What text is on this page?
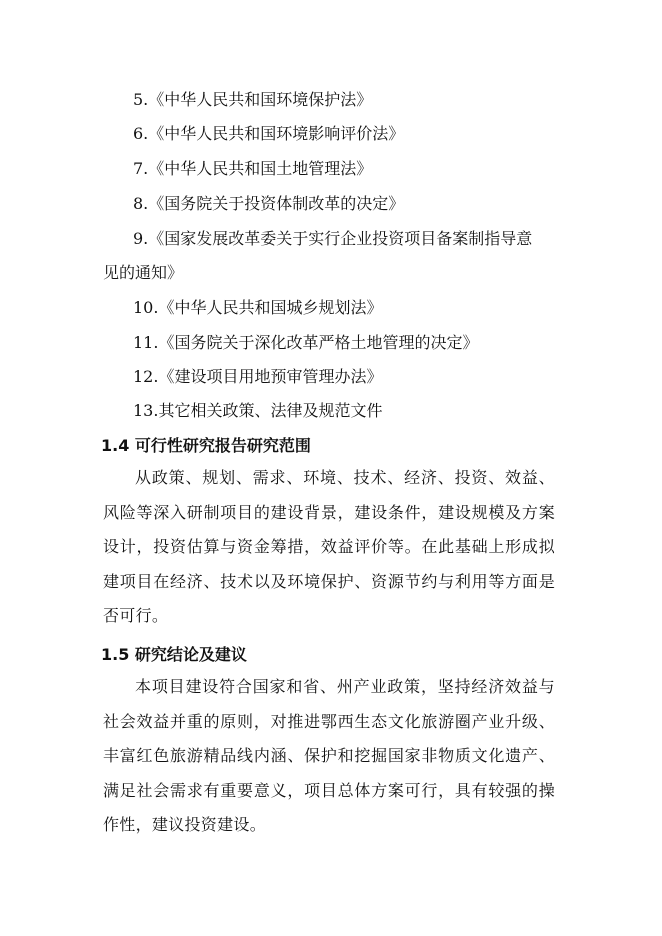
5.《中华人民共和国环境保护法》
6.《中华人民共和国环境影响评价法》
7.《中华人民共和国土地管理法》
8.《国务院关于投资体制改革的决定》
9.《国家发展改革委关于实行企业投资项目备案制指导意
见的通知》
10.《中华人民共和国城乡规划法》
11.《国务院关于深化改革严格土地管理的决定》
12.《建设项目用地预审管理办法》
13.其它相关政策、法律及规范文件
1.4 可行性研究报告研究范围
从政策、规划、需求、环境、技术、经济、投资、效益、风险等深入研制项目的建设背景，建设条件，建设规模及方案设计，投资估算与资金筹措，效益评价等。在此基础上形成拟建项目在经济、技术以及环境保护、资源节约与利用等方面是否可行。
1.5 研究结论及建议
本项目建设符合国家和省、州产业政策，坚持经济效益与社会效益并重的原则，对推进鄂西生态文化旅游圈产业升级、丰富红色旅游精品线内涵、保护和挖掘国家非物质文化遗产、满足社会需求有重要意义，项目总体方案可行，具有较强的操作性，建议投资建设。
